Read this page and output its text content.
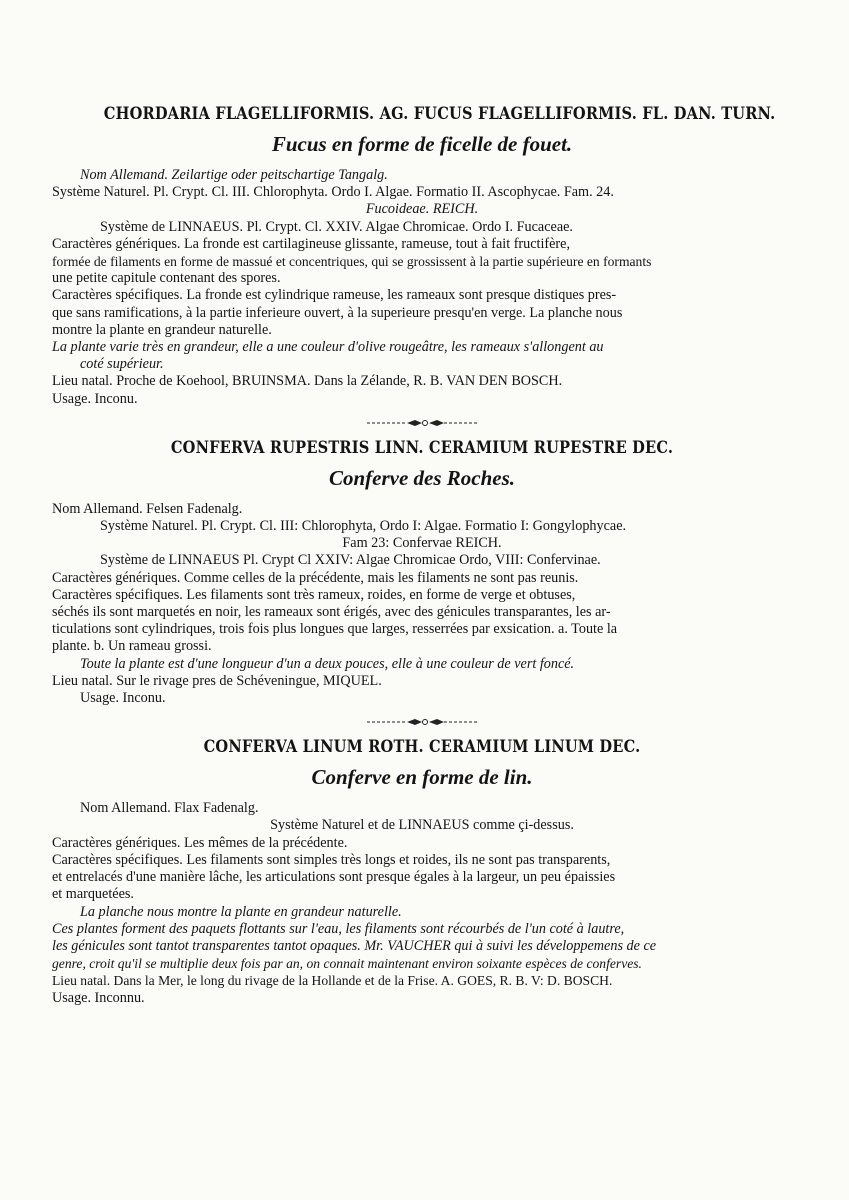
CHORDARIA FLAGELLIFORMIS. AG. FUCUS FLAGELLIFORMIS. FL. DAN. TURN.
Fucus en forme de ficelle de fouet.

Nom Allemand. Zeilartige oder peitschartige Tangalg.

Système Naturel. Pl. Crypt. Cl. III. Chlorophyta. Ordo I. Algae. Formatio II. Ascophycae. Fam. 24.

Fucoideae. REICH.

Système de LINNAEUS. Pl. Crypt. Cl. XXIV. Algae Chromicae. Ordo I. Fucaceae.

Caractères génériques. La fronde est cartilagineuse glissante, rameuse, tout à fait fructifère,

formée de filaments en forme de massué et concentriques, qui se grossissent à la partie supérieure en formants

une petite capitule contenant des spores.

Caractères spécifiques. La fronde est cylindrique rameuse, les rameaux sont presque distiques pres-

que sans ramifications, à la partie inferieure ouvert, à la superieure presqu'en verge. La planche nous

montre la plante en grandeur naturelle.

La plante varie très en grandeur, elle a une couleur d'olive rougeâtre, les rameaux s'allongent au

coté supérieur.

Lieu natal. Proche de Koehool, BRUINSMA. Dans la Zélande, R. B. VAN DEN BOSCH.

Usage. Inconu.

CONFERVA RUPESTRIS LINN. CERAMIUM RUPESTRE DEC.
Conferve des Roches.

Nom Allemand. Felsen Fadenalg.

Système Naturel. Pl. Crypt. Cl. III: Chlorophyta, Ordo I: Algae. Formatio I: Gongylophycae.

Fam 23: Confervae REICH.

Système de LINNAEUS Pl. Crypt Cl XXIV: Algae Chromicae Ordo, VIII: Confervinae.

Caractères génériques. Comme celles de la précédente, mais les filaments ne sont pas reunis.

Caractères spécifiques. Les filaments sont très rameux, roides, en forme de verge et obtuses,

séchés ils sont marquetés en noir, les rameaux sont érigés, avec des génicules transparantes, les ar-

ticulations sont cylindriques, trois fois plus longues que larges, resserrées par exsication. a. Toute la

plante. b. Un rameau grossi.

Toute la plante est d'une longueur d'un a deux pouces, elle à une couleur de vert foncé.

Lieu natal. Sur le rivage pres de Schéveningue, MIQUEL.

Usage. Inconu.

CONFERVA LINUM ROTH. CERAMIUM LINUM DEC.
Conferve en forme de lin.

Nom Allemand. Flax Fadenalg.

Système Naturel et de LINNAEUS comme çi-dessus.

Caractères génériques. Les mêmes de la précédente.

Caractères spécifiques. Les filaments sont simples très longs et roides, ils ne sont pas transparents,

et entrelacés d'une manière lâche, les articulations sont presque égales à la largeur, un peu épaissies

et marquetées.

La planche nous montre la plante en grandeur naturelle.

Ces plantes forment des paquets flottants sur l'eau, les filaments sont récourbés de l'un coté à lautre,

les génicules sont tantot transparentes tantot opaques. Mr. VAUCHER qui à suivi les développemens de ce

genre, croit qu'il se multiplie deux fois par an, on connait maintenant environ soixante espèces de conferves.

Lieu natal. Dans la Mer, le long du rivage de la Hollande et de la Frise. A. GOES, R. B. V: D. BOSCH.

Usage. Inconnu.
